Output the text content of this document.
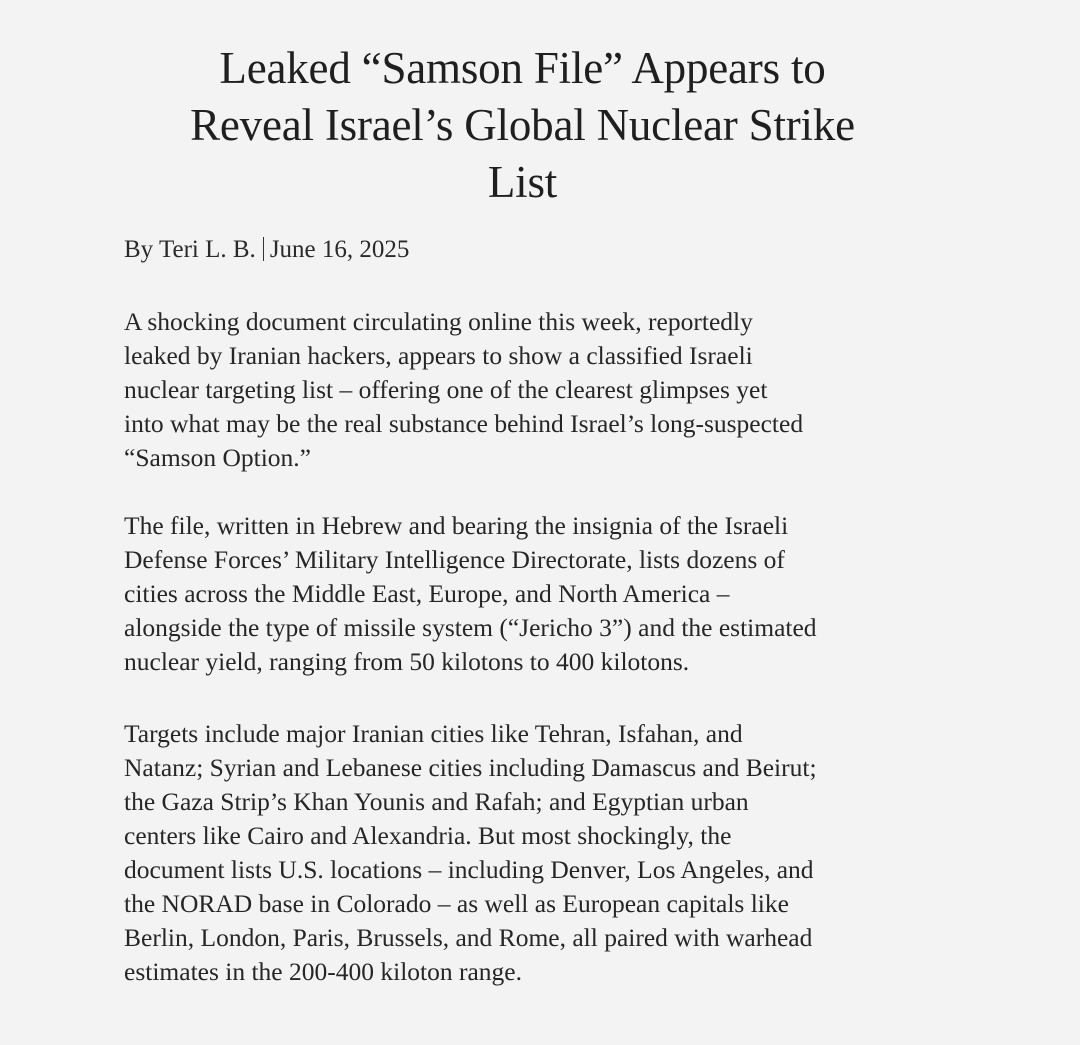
Leaked “Samson File” Appears to
Reveal Israel’s Global Nuclear Strike
List

By Teri L. B. June 16, 2025

A shocking document circulating online this week, reportedly
leaked by Iranian hackers, appears to show a classified Israeli
nuclear targeting list – offering one of the clearest glimpses yet
into what may be the real substance behind Israel’s long-suspected
“Samson Option.”

The file, written in Hebrew and bearing the insignia of the Israeli
Defense Forces’ Military Intelligence Directorate, lists dozens of
cities across the Middle East, Europe, and North America –
alongside the type of missile system (“Jericho 3”) and the estimated
nuclear yield, ranging from 50 kilotons to 400 kilotons.

Targets include major Iranian cities like Tehran, Isfahan, and
Natanz; Syrian and Lebanese cities including Damascus and Beirut;
the Gaza Strip’s Khan Younis and Rafah; and Egyptian urban
centers like Cairo and Alexandria. But most shockingly, the
document lists U.S. locations – including Denver, Los Angeles, and
the NORAD base in Colorado – as well as European capitals like
Berlin, London, Paris, Brussels, and Rome, all paired with warhead
estimates in the 200-400 kiloton range.
